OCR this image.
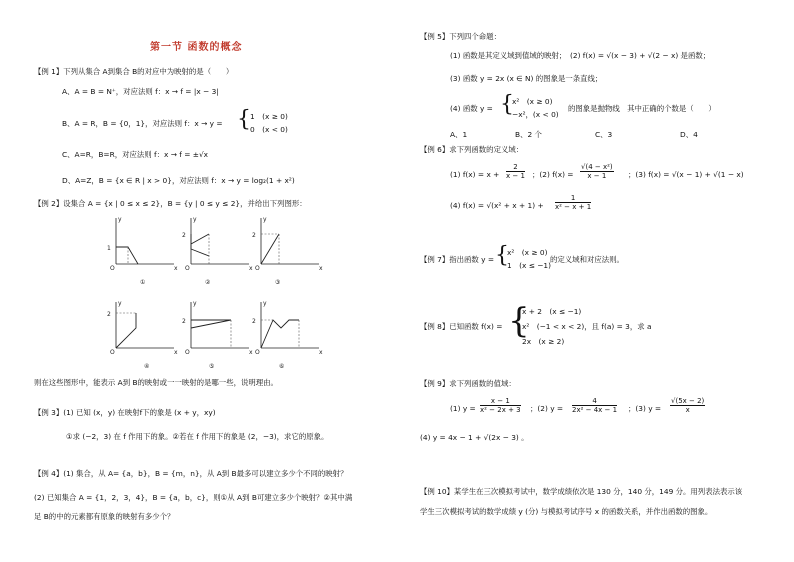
第一节 函数的概念
【例 1】下列从集合 A到集合 B的对应中为映射的是（　　）
A、A = B = N⁺，对应法则 f：x → f = |x − 3|
B、A = R，B = {0，1}，对应法则 f：x → y = { 1　(x ≥ 0)
0　(x < 0)
C、A=R，B=R，对应法则 f：x → f = ±√x
D、A=Z，B = {x ∈ R | x > 0}，对应法则 f：x → y = log₂(1 + x²)
【例 2】设集合 A = {x | 0 ≤ x ≤ 2}，B = {y | 0 ≤ y ≤ 2}，并给出下列图形：
1
O	x
y
①
2
O	x
y
②
2
O	x
y
③
2
O	x
y
④
2
O	x
y
⑤
2
O	x
y
⑥
则在这些图形中，能表示 A到 B的映射或一一映射的是哪一些，说明理由。
【例 3】(1) 已知 (x，y) 在映射f下的象是 (x + y，xy)
①求 (−2，3) 在 f 作用下的象。②若在 f 作用下的象是 (2，−3)，求它的原象。
【例 4】(1) 集合，从 A= {a，b}，B = {m，n}，从 A到 B最多可以建立多少个不同的映射？
(2) 已知集合 A = {1，2，3，4}，B = {a，b，c}，则①从 A到 B可建立多少个映射？②其中满
足 B的中的元素都有原象的映射有多少个？
【例 5】下列四个命题：
(1) 函数是其定义域到值域的映射；　(2) f(x) = √(x − 3) + √(2 − x) 是函数；
(3) 函数 y = 2x (x ∈ N) 的图象是一条直线；
(4) 函数 y = {
x²　(x ≥ 0)
−x²，(x < 0)
的图象是抛物线　其中正确的个数是（　　）
A、1	B、2 个	C、3	D、4
【例 6】求下列函数的定义域：
(1) $f(x) = x + \frac{2}{x - 1}$ ；(2) $f(x) = \frac{\text{√(4 − x²)}}{x - 1}$ ；(3) f(x) = √(x − 1) + √(1 − x)
(4) $f(x) = √(x^2 + x + 1) + \frac{1}{\text{x² − x + 1}}$
【例 7】指出函数 y = {
x²　(x ≥ 0)
1　(x ≤ −1)
的定义域和对应法则。
【例 8】已知函数 f(x) = {
x + 2　(x ≤ −1)
x²　(−1 < x < 2)，且 f(a) = 3，求 a
2x　(x ≥ 2)
【例 9】求下列函数的值域：
(1) $y = \frac{x - 1}{\text{x² − 2x + 3}}$ ；(2) $y = \frac{4}{\text{2x² − 4x − 1}}$ ；(3) $y = \frac{√(5x - 2)}{x}$
(4) y = 4x − 1 + √(2x − 3) 。
【例 10】某学生在三次模拟考试中，数学成绩依次是 130 分，140 分，149 分。用列表法表示该
学生三次模拟考试的数学成绩 y (分) 与模拟考试序号 x 的函数关系，并作出函数的图象。
